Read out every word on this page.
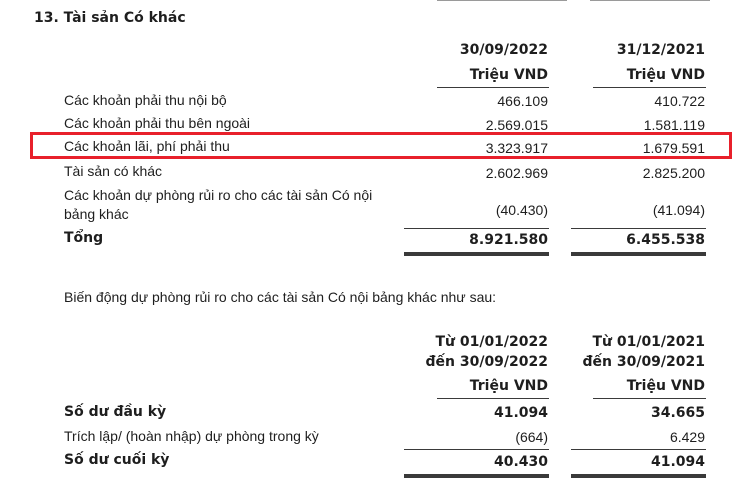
13. Tài sản Có khác
30/09/2022	31/12/2021
Triệu VND	Triệu VND
Các khoản phải thu nội bộ	466.109	410.722
Các khoản phải thu bên ngoài	2.569.015	1.581.119
Các khoản lãi, phí phải thu	3.323.917	1.679.591
Tài sản có khác	2.602.969	2.825.200
Các khoản dự phòng rủi ro cho các tài sản Có nội
bảng khác	(40.430)	(41.094)
Tổng	8.921.580	6.455.538
Biến động dự phòng rủi ro cho các tài sản Có nội bảng khác như sau:
Từ 01/01/2022
đến 30/09/2022
Từ 01/01/2021
đến 30/09/2021
Triệu VND	Triệu VND
Số dư đầu kỳ	41.094	34.665
Trích lập/ (hoàn nhập) dự phòng trong kỳ	(664)	6.429
Số dư cuối kỳ	40.430	41.094
